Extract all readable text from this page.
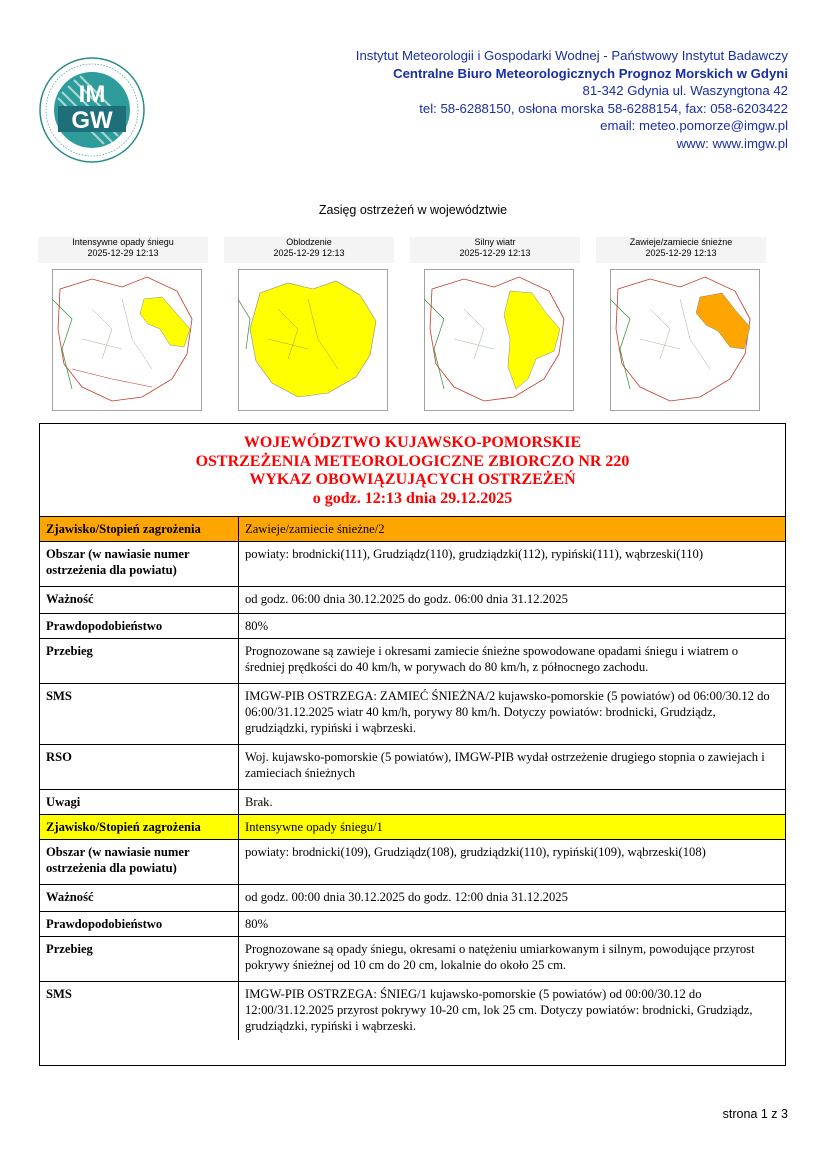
IM
GW
Instytut Meteorologii i Gospodarki Wodnej - Państwowy Instytut Badawczy
Centralne Biuro Meteorologicznych Prognoz Morskich w Gdyni
81-342 Gdynia ul. Waszyngtona 42
tel: 58-6288150, osłona morska 58-6288154, fax: 058-6203422
email: meteo.pomorze@imgw.pl
www: www.imgw.pl
Zasięg ostrzeżeń w województwie
Intensywne opady śniegu
2025-12-29 12:13
Oblodzenie
2025-12-29 12:13
Silny wiatr
2025-12-29 12:13
Zawieje/zamiecie śnieżne
2025-12-29 12:13
WOJEWÓDZTWO KUJAWSKO-POMORSKIE
OSTRZEŻENIA METEOROLOGICZNE ZBIORCZO NR 220
WYKAZ OBOWIĄZUJĄCYCH OSTRZEŻEŃ
o godz. 12:13 dnia 29.12.2025
Zjawisko/Stopień zagrożenia	Zawieje/zamiecie śnieżne/2
Obszar (w nawiasie numer ostrzeżenia dla powiatu)	powiaty: brodnicki(111), Grudziądz(110), grudziądzki(112), rypiński(111), wąbrzeski(110)
Ważność	od godz. 06:00 dnia 30.12.2025 do godz. 06:00 dnia 31.12.2025
Prawdopodobieństwo	80%
Przebieg	Prognozowane są zawieje i okresami zamiecie śnieżne spowodowane opadami śniegu i wiatrem o średniej prędkości do 40 km/h, w porywach do 80 km/h, z północnego zachodu.
SMS	IMGW-PIB OSTRZEGA: ZAMIEĆ ŚNIEŻNA/2 kujawsko-pomorskie (5 powiatów) od 06:00/30.12 do 06:00/31.12.2025 wiatr 40 km/h, porywy 80 km/h. Dotyczy powiatów: brodnicki, Grudziądz, grudziądzki, rypiński i wąbrzeski.
RSO	Woj. kujawsko-pomorskie (5 powiatów), IMGW-PIB wydał ostrzeżenie drugiego stopnia o zawiejach i zamieciach śnieżnych
Uwagi	Brak.
Zjawisko/Stopień zagrożenia	Intensywne opady śniegu/1
Obszar (w nawiasie numer ostrzeżenia dla powiatu)	powiaty: brodnicki(109), Grudziądz(108), grudziądzki(110), rypiński(109), wąbrzeski(108)
Ważność	od godz. 00:00 dnia 30.12.2025 do godz. 12:00 dnia 31.12.2025
Prawdopodobieństwo	80%
Przebieg	Prognozowane są opady śniegu, okresami o natężeniu umiarkowanym i silnym, powodujące przyrost pokrywy śnieżnej od 10 cm do 20 cm, lokalnie do około 25 cm.
SMS	IMGW-PIB OSTRZEGA: ŚNIEG/1 kujawsko-pomorskie (5 powiatów) od 00:00/30.12 do 12:00/31.12.2025 przyrost pokrywy 10-20 cm, lok 25 cm. Dotyczy powiatów: brodnicki, Grudziądz, grudziądzki, rypiński i wąbrzeski.
strona 1 z 3
